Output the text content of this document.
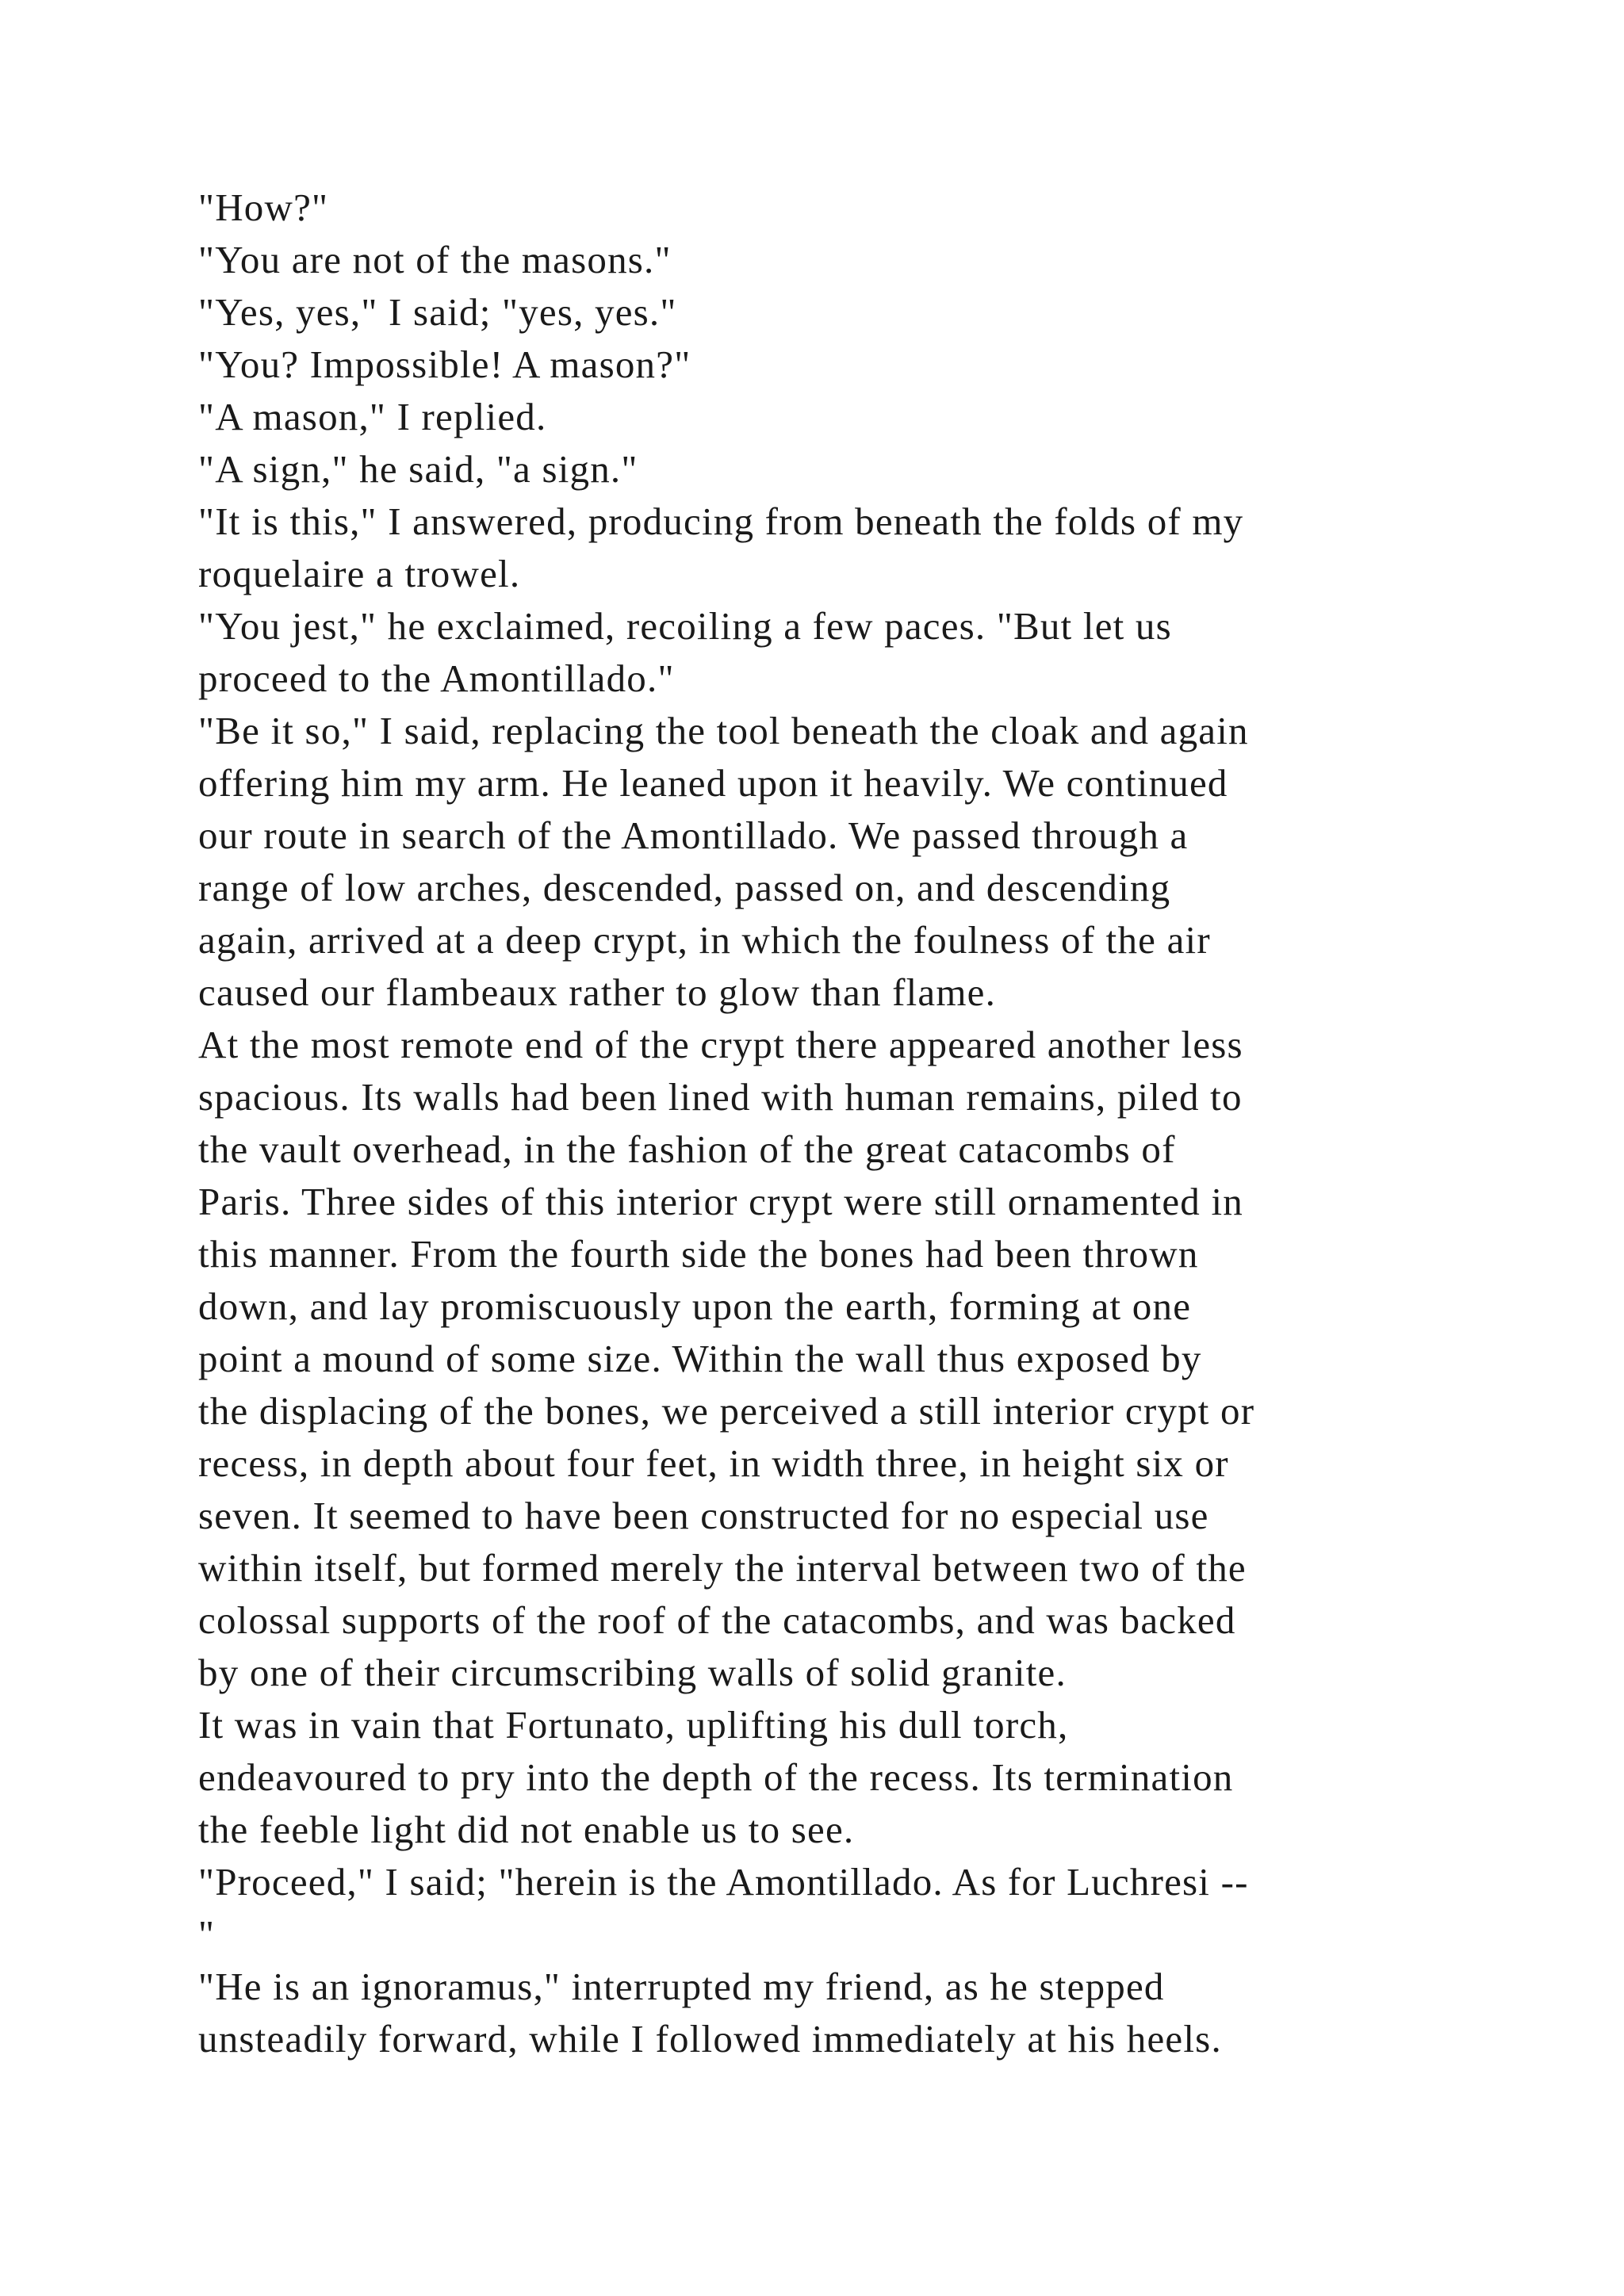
"How?"
"You are not of the masons."
"Yes, yes," I said; "yes, yes."
"You? Impossible! A mason?"
"A mason," I replied.
"A sign," he said, "a sign."
"It is this," I answered, producing from beneath the folds of my
roquelaire a trowel.
"You jest," he exclaimed, recoiling a few paces. "But let us
proceed to the Amontillado."
"Be it so," I said, replacing the tool beneath the cloak and again
offering him my arm. He leaned upon it heavily. We continued
our route in search of the Amontillado. We passed through a
range of low arches, descended, passed on, and descending
again, arrived at a deep crypt, in which the foulness of the air
caused our flambeaux rather to glow than flame.
At the most remote end of the crypt there appeared another less
spacious. Its walls had been lined with human remains, piled to
the vault overhead, in the fashion of the great catacombs of
Paris. Three sides of this interior crypt were still ornamented in
this manner. From the fourth side the bones had been thrown
down, and lay promiscuously upon the earth, forming at one
point a mound of some size. Within the wall thus exposed by
the displacing of the bones, we perceived a still interior crypt or
recess, in depth about four feet, in width three, in height six or
seven. It seemed to have been constructed for no especial use
within itself, but formed merely the interval between two of the
colossal supports of the roof of the catacombs, and was backed
by one of their circumscribing walls of solid granite.
It was in vain that Fortunato, uplifting his dull torch,
endeavoured to pry into the depth of the recess. Its termination
the feeble light did not enable us to see.
"Proceed," I said; "herein is the Amontillado. As for Luchresi --
"
"He is an ignoramus," interrupted my friend, as he stepped
unsteadily forward, while I followed immediately at his heels.
